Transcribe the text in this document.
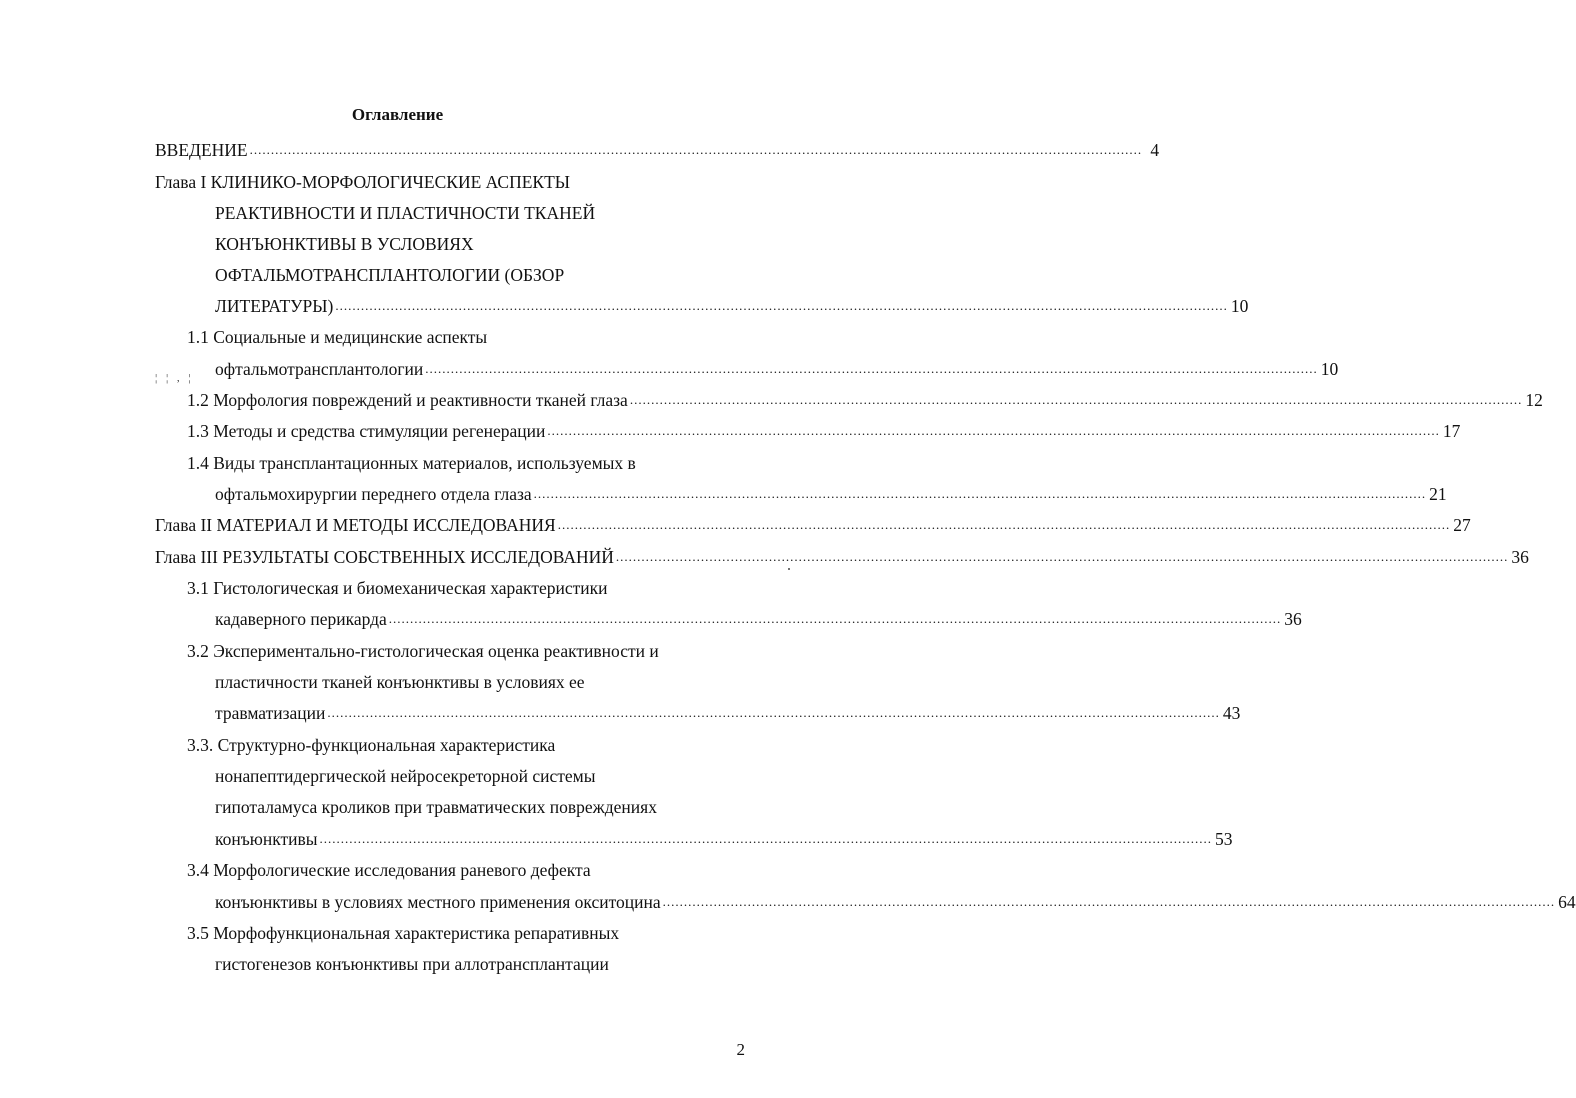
Оглавление
ВВЕДЕНИЕ .................................................................................................................................................................................................................. 4
Глава I КЛИНИКО-МОРФОЛОГИЧЕСКИЕ АСПЕКТЫ
РЕАКТИВНОСТИ И ПЛАСТИЧНОСТИ ТКАНЕЙ
КОНЪЮНКТИВЫ В УСЛОВИЯХ
ОФТАЛЬМОТРАНСПЛАНТОЛОГИИ (ОБЗОР
ЛИТЕРАТУРЫ) .................................................................................................................................................................................................................. 10
1.1 Социальные и медицинские аспекты
офтальмотрансплантологии .................................................................................................................................................................................................................. 10
1.2 Морфология повреждений и реактивности тканей глаза .................................................................................................................................................................................................................. 12
1.3 Методы и средства стимуляции регенерации .................................................................................................................................................................................................................. 17
1.4 Виды трансплантационных материалов, используемых в
офтальмохирургии переднего отдела глаза .................................................................................................................................................................................................................. 21
Глава II МАТЕРИАЛ И МЕТОДЫ ИССЛЕДОВАНИЯ .................................................................................................................................................................................................................. 27
Глава III РЕЗУЛЬТАТЫ СОБСТВЕННЫХ ИССЛЕДОВАНИЙ .................................................................................................................................................................................................................. 36
3.1 Гистологическая и биомеханическая характеристики
кадаверного перикарда .................................................................................................................................................................................................................. 36
3.2 Экспериментально-гистологическая оценка реактивности и
пластичности тканей конъюнктивы в условиях ее
травматизации .................................................................................................................................................................................................................. 43
3.3. Структурно-функциональная характеристика
нонапептидергической нейросекреторной системы
гипоталамуса кроликов при травматических повреждениях
конъюнктивы .................................................................................................................................................................................................................. 53
3.4 Морфологические исследования раневого дефекта
конъюнктивы в условиях местного применения окситоцина .................................................................................................................................................................................................................. 64
3.5 Морфофункциональная характеристика репаративных
гистогенезов конъюнктивы при аллотрансплантации
¦ ¦ , ¦
2
